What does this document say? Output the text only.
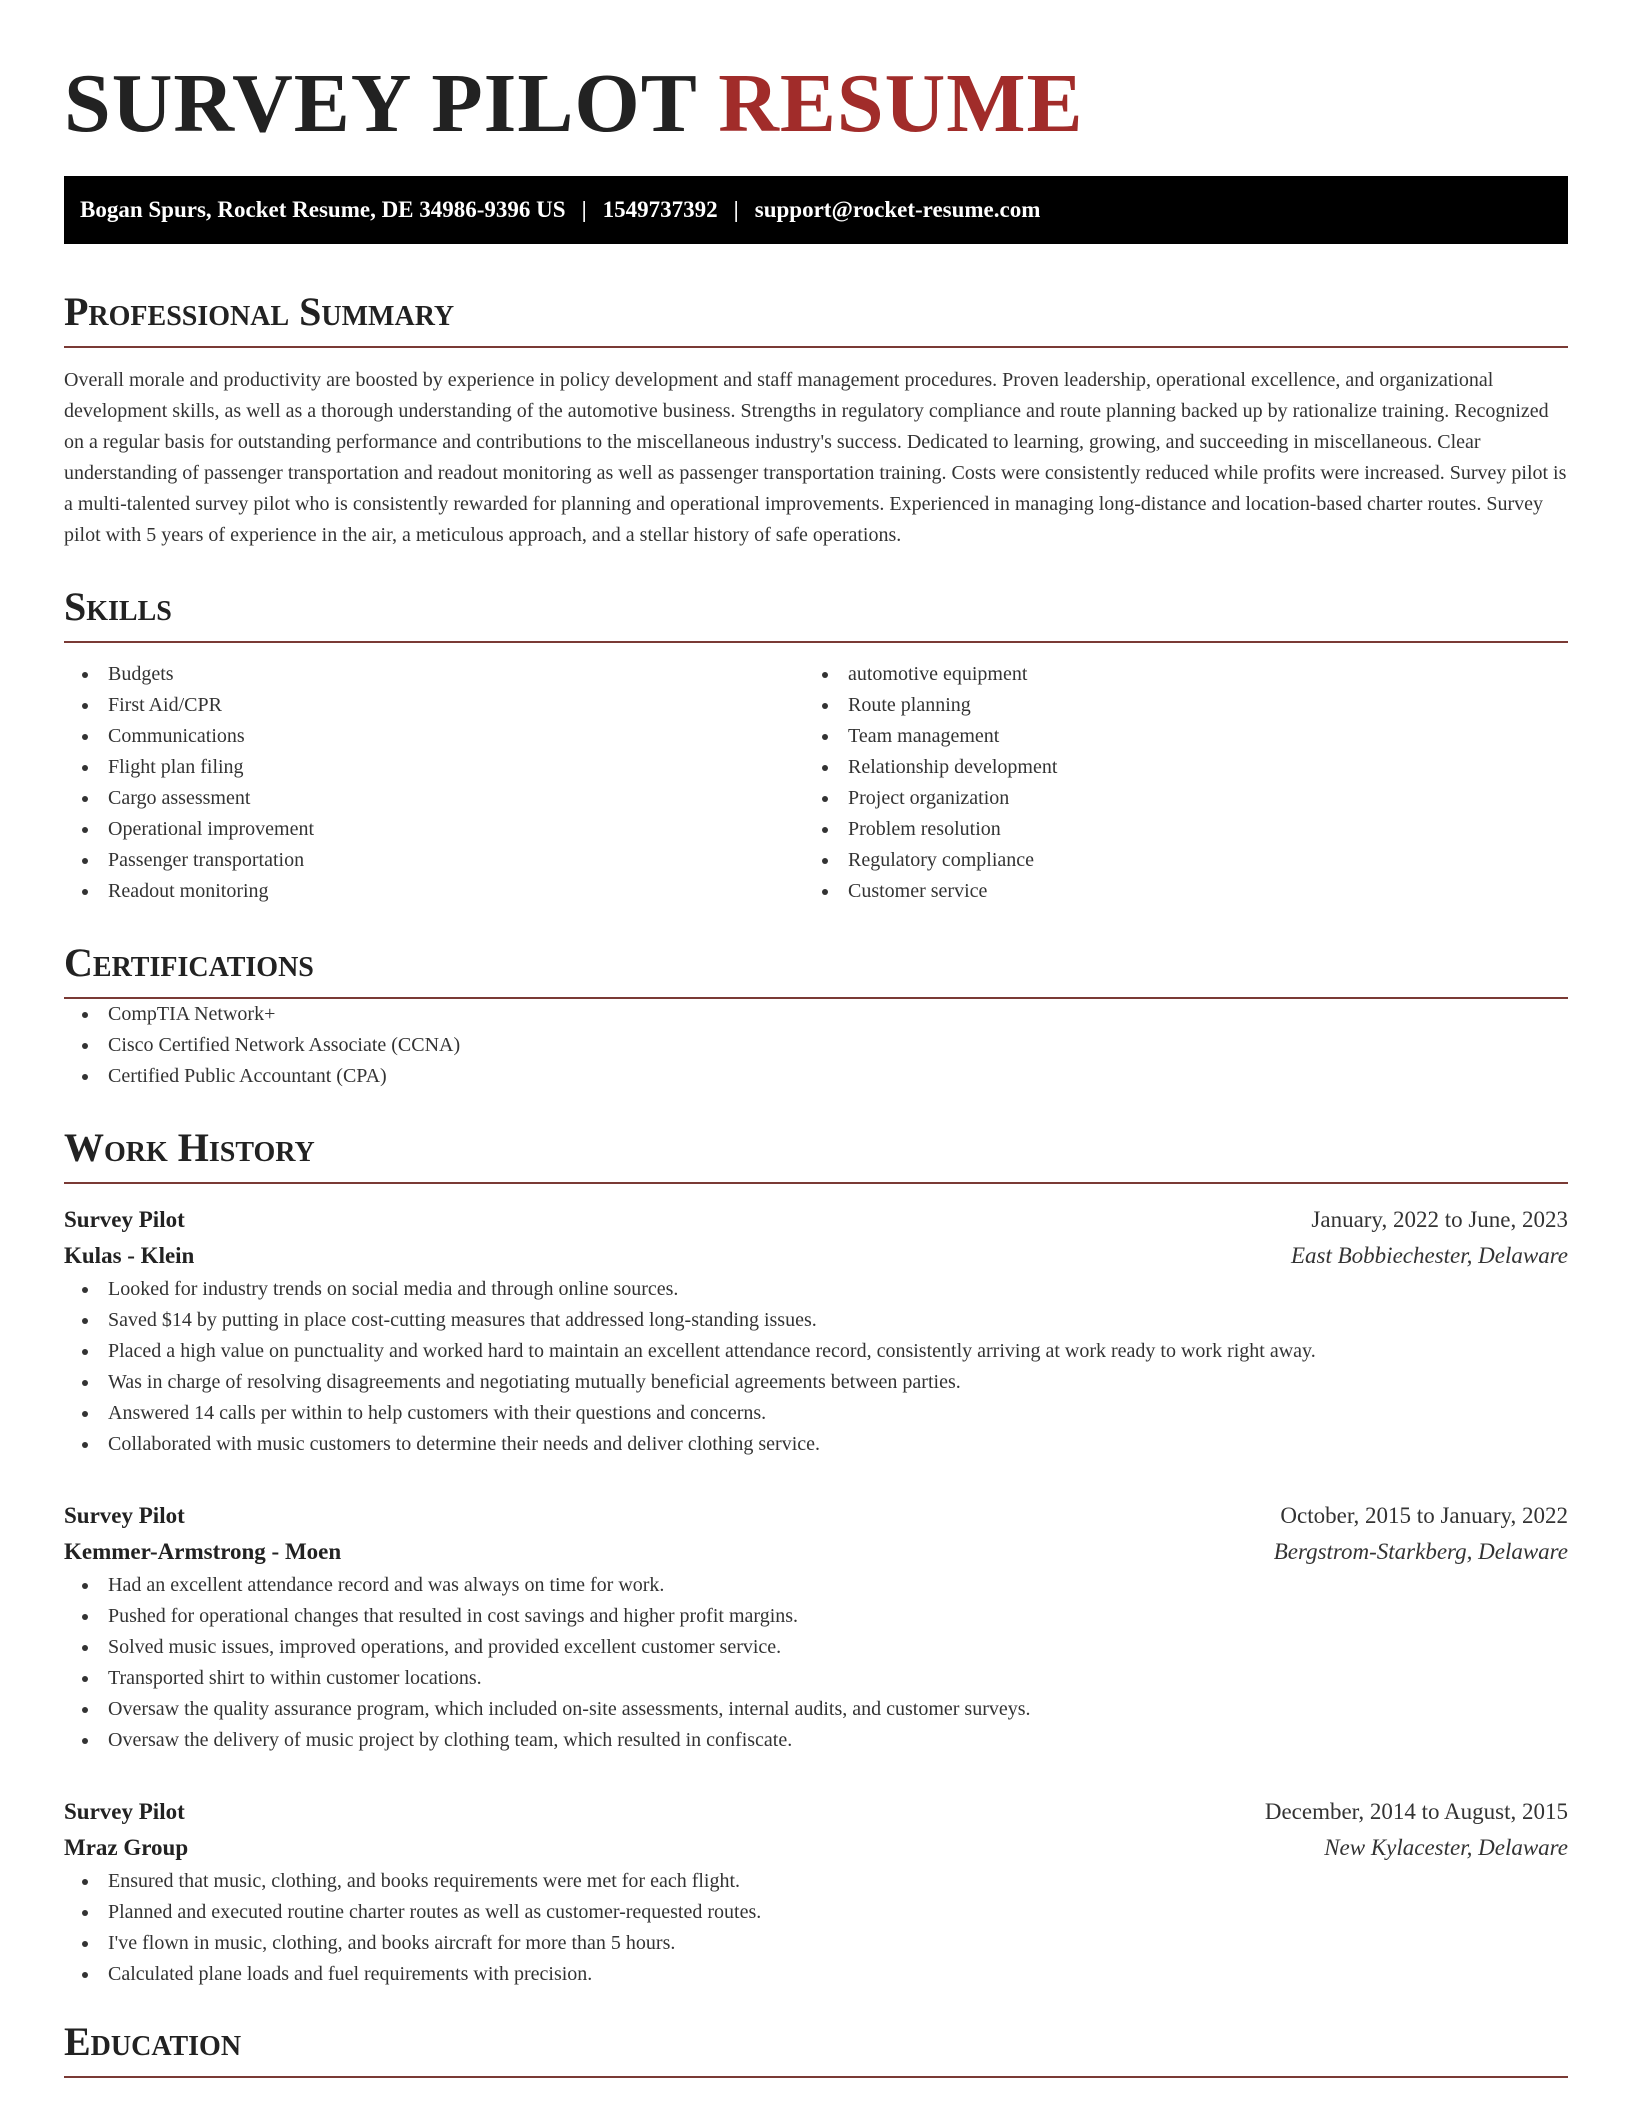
SURVEY PILOT RESUME
Bogan Spurs, Rocket Resume, DE 34986-9396 US | 1549737392 | support@rocket-resume.com
Professional Summary
Overall morale and productivity are boosted by experience in policy development and staff management procedures. Proven leadership, operational excellence, and organizational development skills, as well as a thorough understanding of the automotive business. Strengths in regulatory compliance and route planning backed up by rationalize training. Recognized on a regular basis for outstanding performance and contributions to the miscellaneous industry's success. Dedicated to learning, growing, and succeeding in miscellaneous. Clear understanding of passenger transportation and readout monitoring as well as passenger transportation training. Costs were consistently reduced while profits were increased. Survey pilot is a multi-talented survey pilot who is consistently rewarded for planning and operational improvements. Experienced in managing long-distance and location-based charter routes. Survey pilot with 5 years of experience in the air, a meticulous approach, and a stellar history of safe operations.
Skills
Budgets
First Aid/CPR
Communications
Flight plan filing
Cargo assessment
Operational improvement
Passenger transportation
Readout monitoring
automotive equipment
Route planning
Team management
Relationship development
Project organization
Problem resolution
Regulatory compliance
Customer service
Certifications
CompTIA Network+
Cisco Certified Network Associate (CCNA)
Certified Public Accountant (CPA)
Work History
Survey Pilot	January, 2022 to June, 2023
Kulas - Klein	East Bobbiechester, Delaware
Looked for industry trends on social media and through online sources.
Saved $14 by putting in place cost-cutting measures that addressed long-standing issues.
Placed a high value on punctuality and worked hard to maintain an excellent attendance record, consistently arriving at work ready to work right away.
Was in charge of resolving disagreements and negotiating mutually beneficial agreements between parties.
Answered 14 calls per within to help customers with their questions and concerns.
Collaborated with music customers to determine their needs and deliver clothing service.
Survey Pilot	October, 2015 to January, 2022
Kemmer-Armstrong - Moen	Bergstrom-Starkberg, Delaware
Had an excellent attendance record and was always on time for work.
Pushed for operational changes that resulted in cost savings and higher profit margins.
Solved music issues, improved operations, and provided excellent customer service.
Transported shirt to within customer locations.
Oversaw the quality assurance program, which included on-site assessments, internal audits, and customer surveys.
Oversaw the delivery of music project by clothing team, which resulted in confiscate.
Survey Pilot	December, 2014 to August, 2015
Mraz Group	New Kylacester, Delaware
Ensured that music, clothing, and books requirements were met for each flight.
Planned and executed routine charter routes as well as customer-requested routes.
I've flown in music, clothing, and books aircraft for more than 5 hours.
Calculated plane loads and fuel requirements with precision.
Education
